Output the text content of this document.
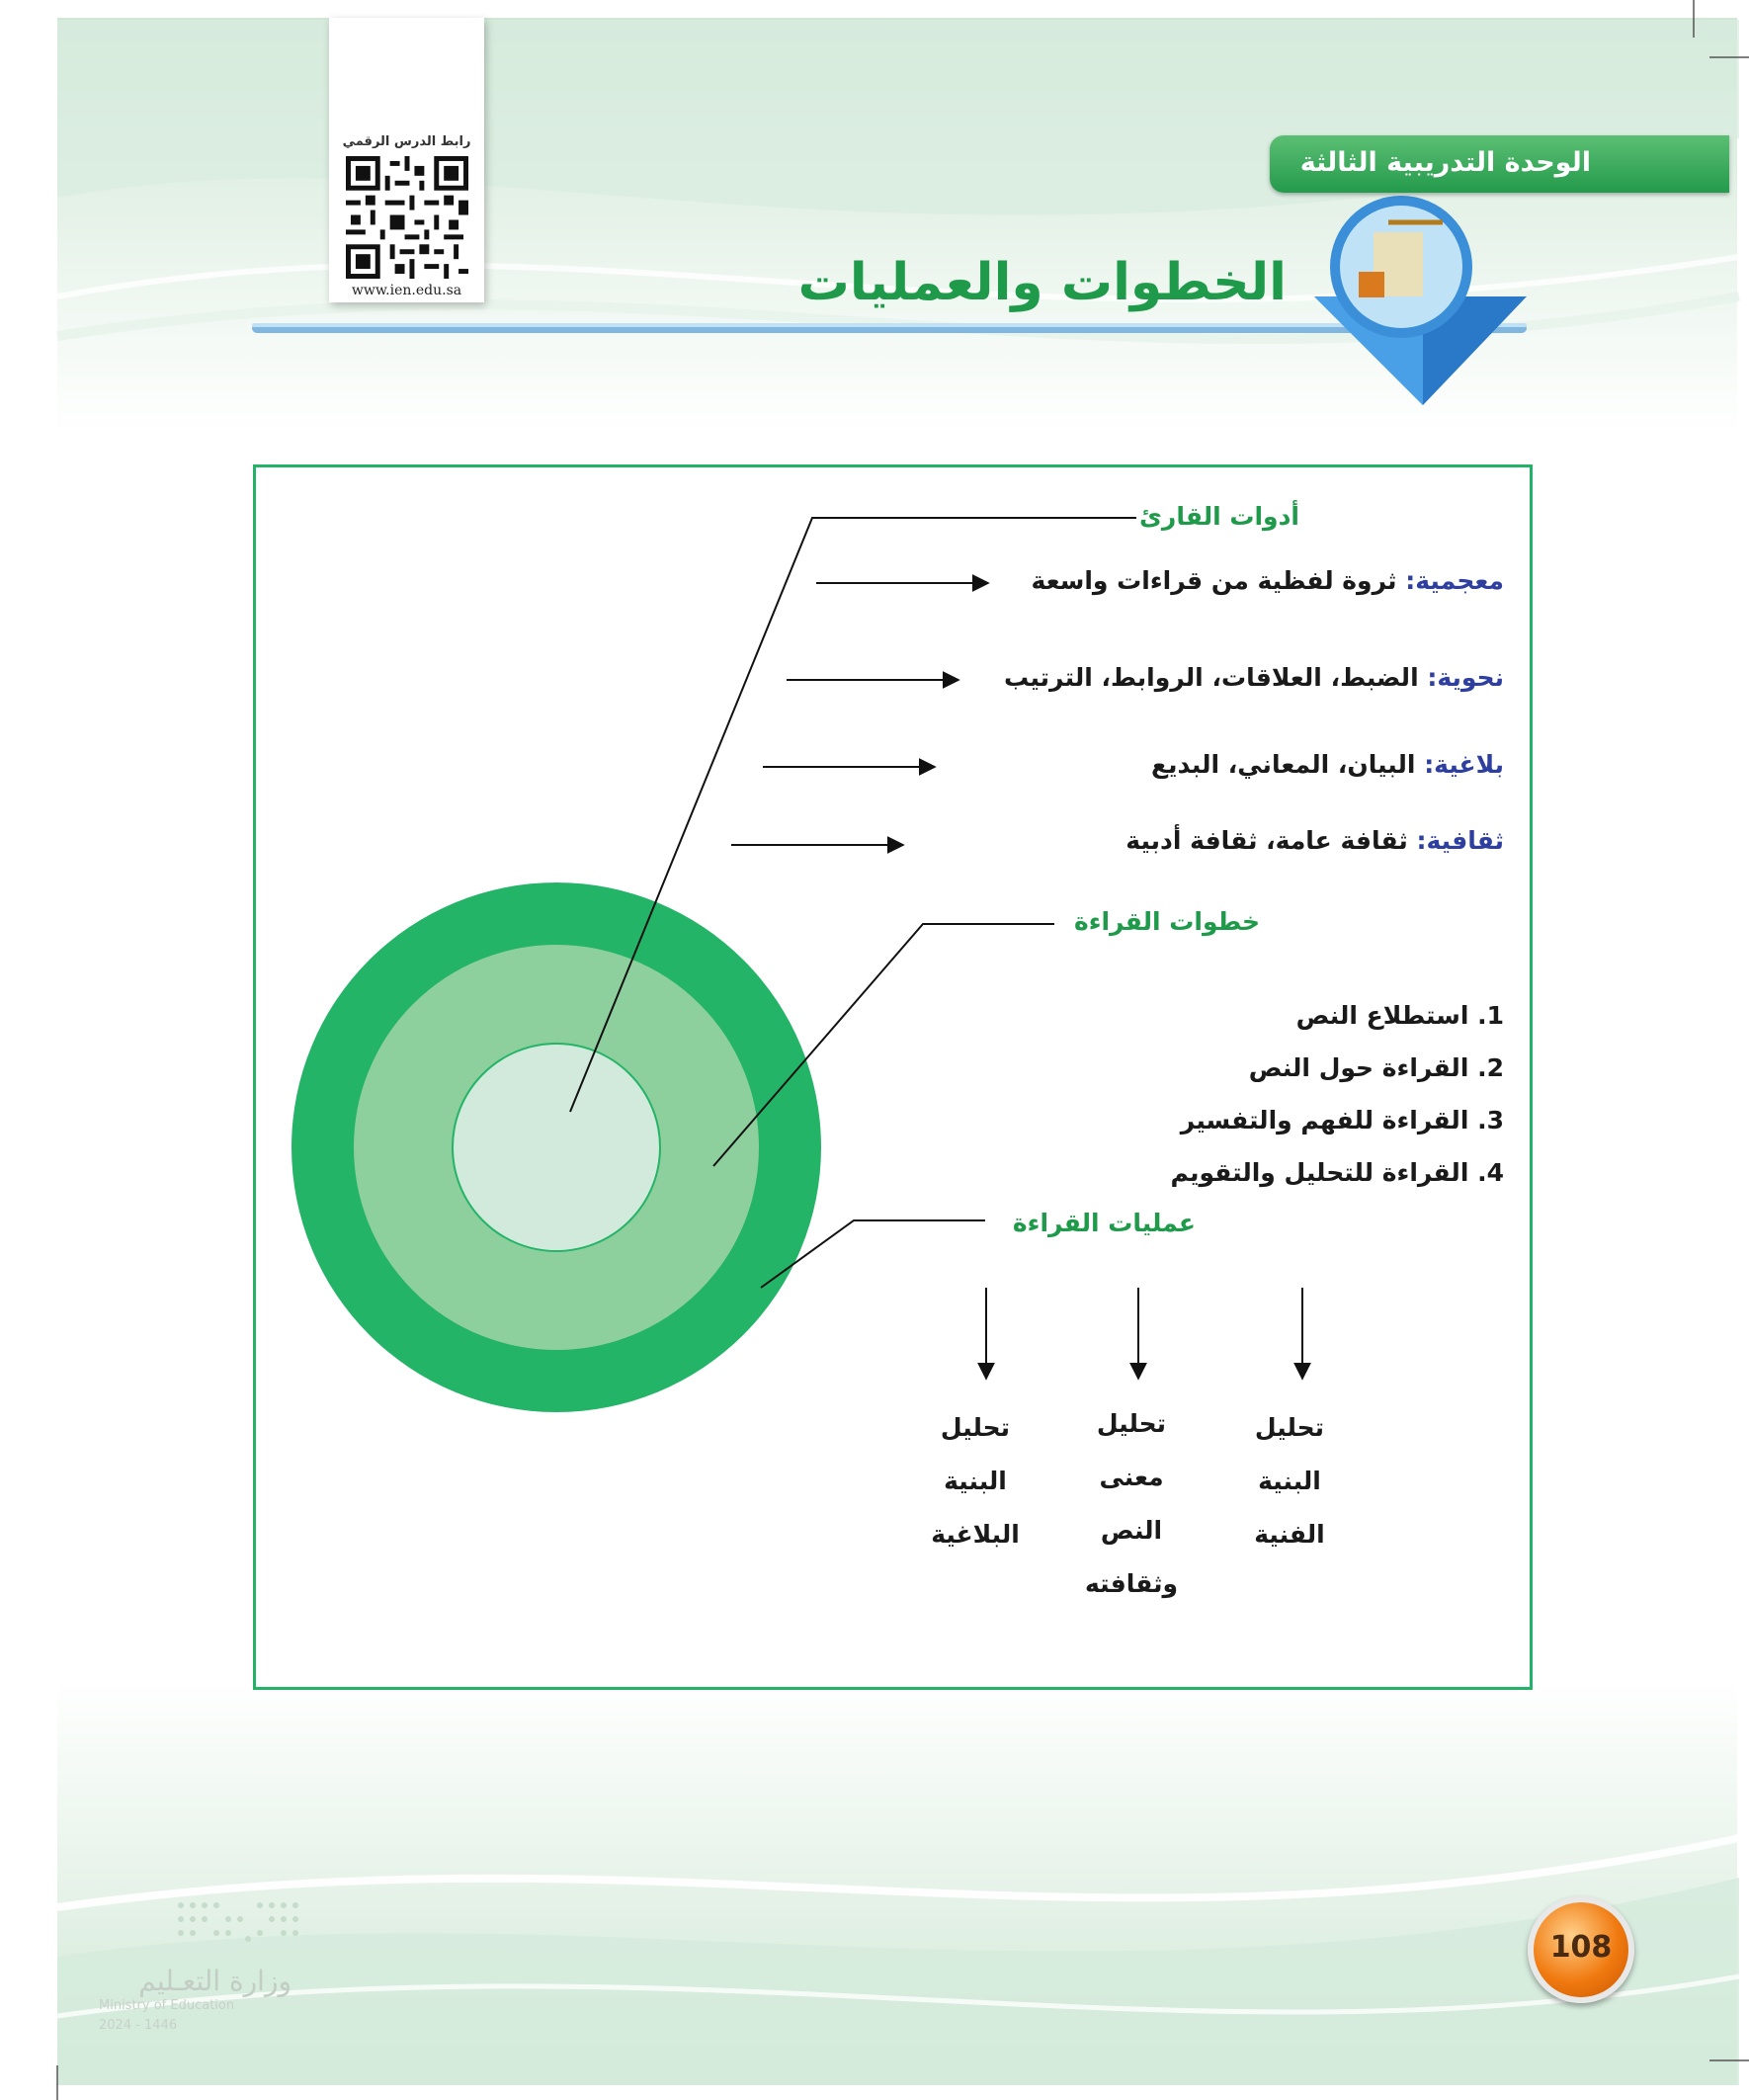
رابط الدرس الرقمي
www.ien.edu.sa
الوحدة التدريبية الثالثة
الخطوات والعمليات
أدوات القارئ
معجمية: ثروة لفظية من قراءات واسعة
نحوية: الضبط، العلاقات، الروابط، الترتيب
بلاغية: البيان، المعاني، البديع
ثقافية: ثقافة عامة، ثقافة أدبية
خطوات القراءة
1. استطلاع النص
2. القراءة حول النص
3. القراءة للفهم والتفسير
4. القراءة للتحليل والتقويم
عمليات القراءة
تحليل
البنية
الفنية
تحليل
معنى
النص
وثقافته
تحليل
البنية
البلاغية
108
وزارة التعـليم
Ministry of Education
2024 - 1446
